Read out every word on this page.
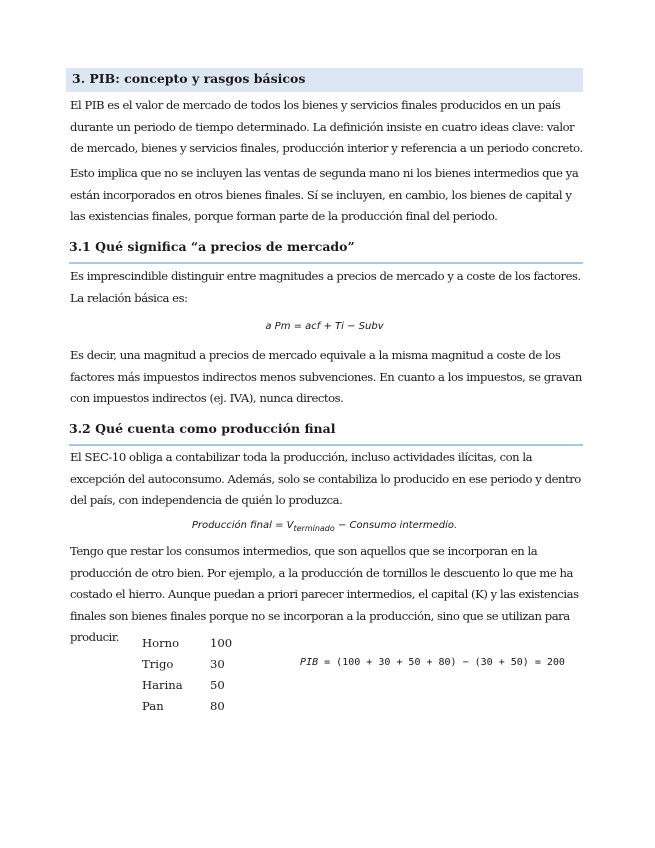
3. PIB: concepto y rasgos básicos

El PIB es el valor de mercado de todos los bienes y servicios finales producidos en un país durante un periodo de tiempo determinado. La definición insiste en cuatro ideas clave: valor de mercado, bienes y servicios finales, producción interior y referencia a un periodo concreto.

Esto implica que no se incluyen las ventas de segunda mano ni los bienes intermedios que ya están incorporados en otros bienes finales. Sí se incluyen, en cambio, los bienes de capital y las existencias finales, porque forman parte de la producción final del periodo.

3.1 Qué significa “a precios de mercado”

Es imprescindible distinguir entre magnitudes a precios de mercado y a coste de los factores. La relación básica es:

a Pm = acf + Ti − Subv

Es decir, una magnitud a precios de mercado equivale a la misma magnitud a coste de los factores más impuestos indirectos menos subvenciones. En cuanto a los impuestos, se gravan con impuestos indirectos (ej. IVA), nunca directos.

3.2 Qué cuenta como producción final

El SEC-10 obliga a contabilizar toda la producción, incluso actividades ilícitas, con la excepción del autoconsumo. Además, solo se contabiliza lo producido en ese periodo y dentro del país, con independencia de quién lo produzca.

Producción final = $V_{terminado}$ − Consumo intermedio.

Tengo que restar los consumos intermedios, que son aquellos que se incorporan en la producción de otro bien. Por ejemplo, a la producción de tornillos le descuento lo que me ha costado el hierro. Aunque puedan a priori parecer intermedios, el capital (K) y las existencias finales son bienes finales porque no se incorporan a la producción, sino que se utilizan para producir.	Horno	100
Trigo	30
Harina 50
Pan	80
PIB = (100 + 30 + 50 + 80) − (30 + 50) = 200
